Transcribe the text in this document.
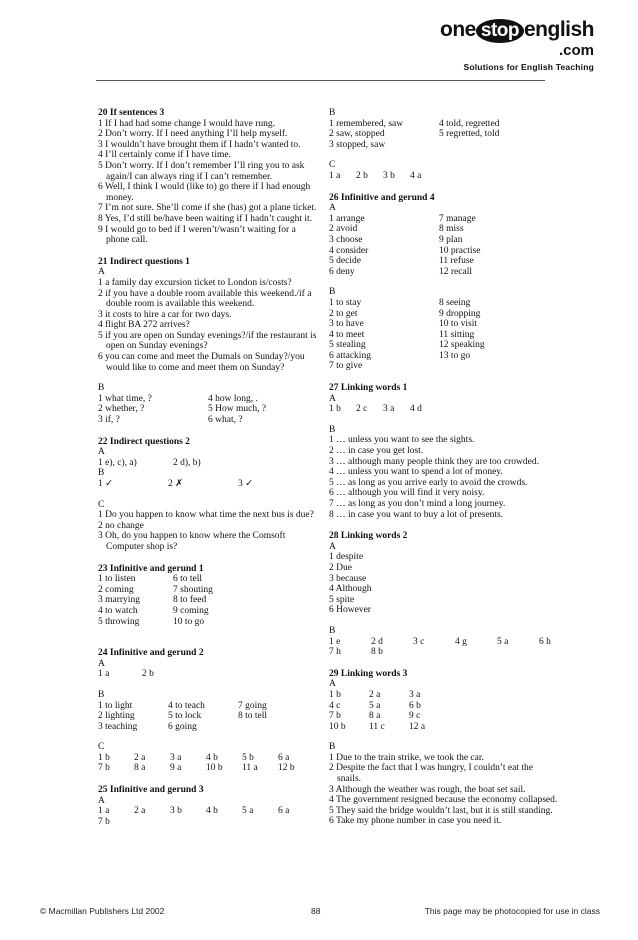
one stop english
.com
Solutions for English Teaching
20 If sentences 3
1 If I had had some change I would have rung.
2 Don’t worry. If I need anything I’ll help myself.
3 I wouldn’t have brought them if I hadn’t wanted to.
4 I’ll certainly come if I have time.
5 Don’t worry. If I don’t remember I’ll ring you to ask again/I can always ring if I can’t remember.
6 Well, I think I would (like to) go there if I had enough money.
7 I’m not sure. She’ll come if she (has) got a plane ticket.
8 Yes, I’d still be/have been waiting if I hadn’t caught it.
9 I would go to bed if I weren’t/wasn’t waiting for a phone call.
21 Indirect questions 1
A
1 a family day excursion ticket to London is/costs?
2 if you have a double room available this weekend./if a double room is available this weekend.
3 it costs to hire a car for two days.
4 flight BA 272 arrives?
5 if you are open on Sunday evenings?/if the restaurant is open on Sunday evenings?
6 you can come and meet the Dumals on Sunday?/you would like to come and meet them on Sunday?
B
1 what time, ?	4 how long, .
2 whether, ?	5 How much, ?
3 if, ?	6 what, ?
22 Indirect questions 2
A
1 e), c), a)	2 d), b)
B
1 ✓	2 ✗	3 ✓
C
1 Do you happen to know what time the next bus is due?
2 no change
3 Oh, do you happen to know where the Comsoft Computer shop is?
23 Infinitive and gerund 1
1 to listen	6 to tell
2 coming	7 shouting
3 marrying	8 to feed
4 to watch	9 coming
5 throwing	10 to go
24 Infinitive and gerund 2
A
1 a	2 b
B
1 to light	4 to teach	7 going
2 lighting	5 to lock	8 to tell
3 teaching	6 going
C
1 b	2 a	3 a	4 b	5 b	6 a
7 b	8 a	9 a	10 b	11 a	12 b
25 Infinitive and gerund 3
A
1 a	2 a	3 b	4 b	5 a	6 a
7 b
B
1 remembered, saw	4 told, regretted
2 saw, stopped	5 regretted, told
3 stopped, saw
C
1 a	2 b	3 b	4 a
26 Infinitive and gerund 4
A
1 arrange	7 manage
2 avoid	8 miss
3 choose	9 plan
4 consider	10 practise
5 decide	11 refuse
6 deny	12 recall
B
1 to stay	8 seeing
2 to get	9 dropping
3 to have	10 to visit
4 to meet	11 sitting
5 stealing	12 speaking
6 attacking	13 to go
7 to give
27 Linking words 1
A
1 b	2 c	3 a	4 d
B
1 … unless you want to see the sights.
2 … in case you get lost.
3 … although many people think they are too crowded.
4 … unless you want to spend a lot of money.
5 … as long as you arrive early to avoid the crowds.
6 … although you will find it very noisy.
7 … as long as you don’t mind a long journey.
8 … in case you want to buy a lot of presents.
28 Linking words 2
A
1 despite
2 Due
3 because
4 Although
5 spite
6 However
B
1 e	2 d	3 c	4 g	5 a	6 h
7 h	8 b
29 Linking words 3
A
1 b	2 a	3 a
4 c	5 a	6 b
7 b	8 a	9 c
10 b	11 c	12 a
B
1 Due to the train strike, we took the car.
2 Despite the fact that I was hungry, I couldn’t eat the snails.
3 Although the weather was rough, the boat set sail.
4 The government resigned because the economy collapsed.
5 They said the bridge wouldn’t last, but it is still standing.
6 Take my phone number in case you need it.
© Macmillan Publishers Ltd 2002	88	This page may be photocopied for use in class
